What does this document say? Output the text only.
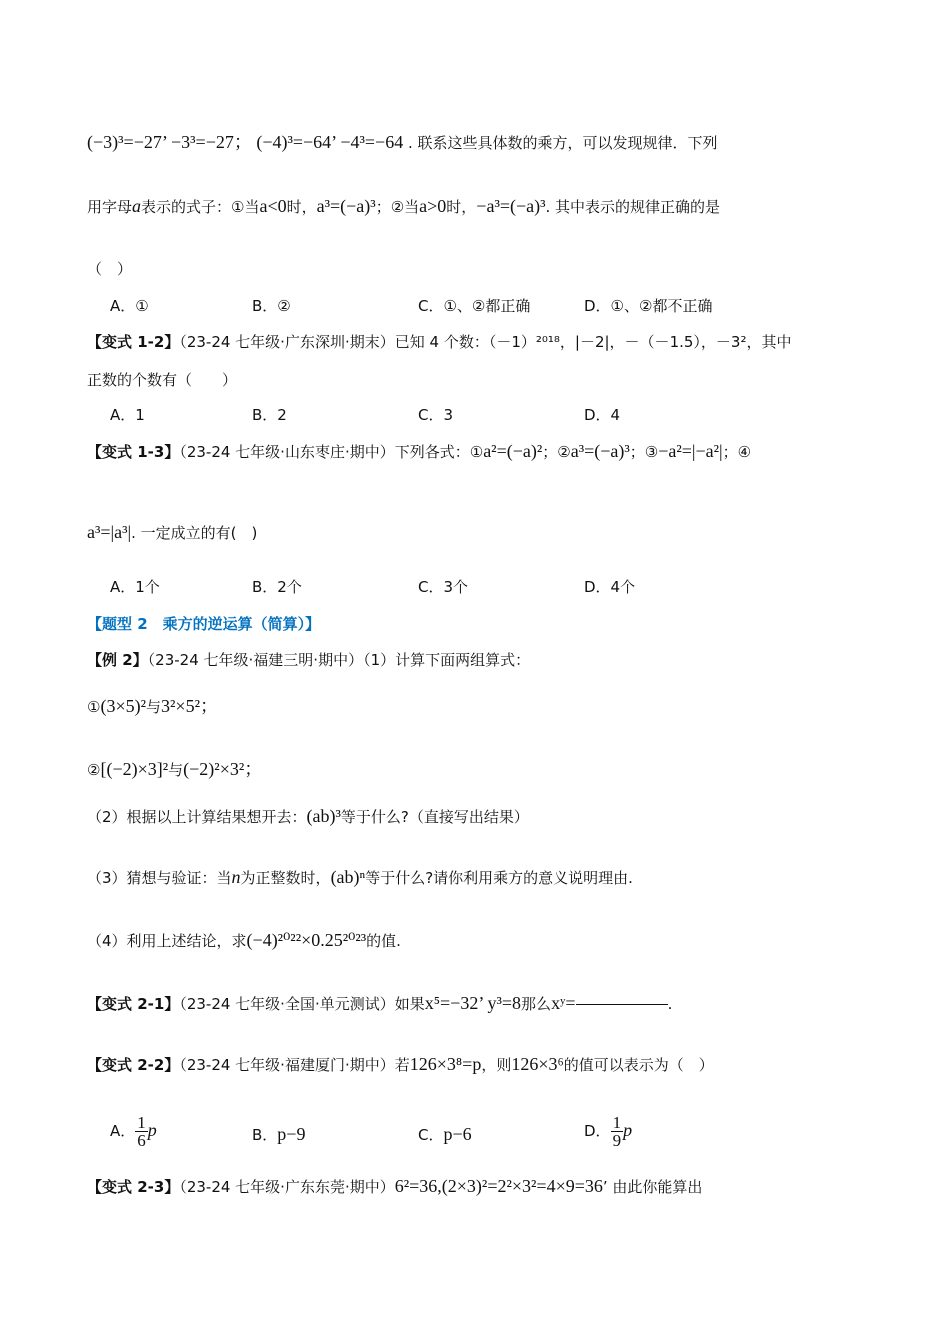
(−3)³=−27’ −3³=−27； (−4)³=−64’ −4³=−64 . 联系这些具体数的乘方，可以发现规律．下列
用字母a表示的式子：①当a<0时，a³=(−a)³；②当a>0时，−a³=(−a)³. 其中表示的规律正确的是
（　）
A．①	B．②	C．①、②都正确	D．①、②都不正确
【变式 1-2】（23-24 七年级·广东深圳·期末）已知 4 个数：（－1）²⁰¹⁸，|－2|，－（－1.5），－3²，其中
正数的个数有（　　）
A．1	B．2	C．3	D．4
【变式 1-3】（23-24 七年级·山东枣庄·期中）下列各式：①a²=(−a)²；②a³=(−a)³；③−a²=|−a²|；④
a³=|a³|. 一定成立的有(　)
A．1个	B．2个	C．3个	D．4个
【题型 2　乘方的逆运算（简算）】
【例 2】（23-24 七年级·福建三明·期中）（1）计算下面两组算式：
①(3×5)²与3²×5²；
②[(−2)×3]²与(−2)²×3²；
（2）根据以上计算结果想开去：(ab)³等于什么?（直接写出结果）
（3）猜想与验证：当n为正整数时，(ab)ⁿ等于什么?请你利用乘方的意义说明理由.
（4）利用上述结论，求(−4)²⁰²²×0.25²⁰²³的值.
【变式 2-1】（23-24 七年级·全国·单元测试）如果x⁵=−32’ y³=8那么xʸ=	.
【变式 2-2】（23-24 七年级·福建厦门·期中）若126×3⁸=p，则126×3⁶的值可以表示为（　）
A． $\frac{1}{6}$ p	B．p−9	C．p−6	D． $\frac{1}{9}$ p
【变式 2-3】（23-24 七年级·广东东莞·期中）6²=36,(2×3)²=2²×3²=4×9=36’ 由此你能算出
